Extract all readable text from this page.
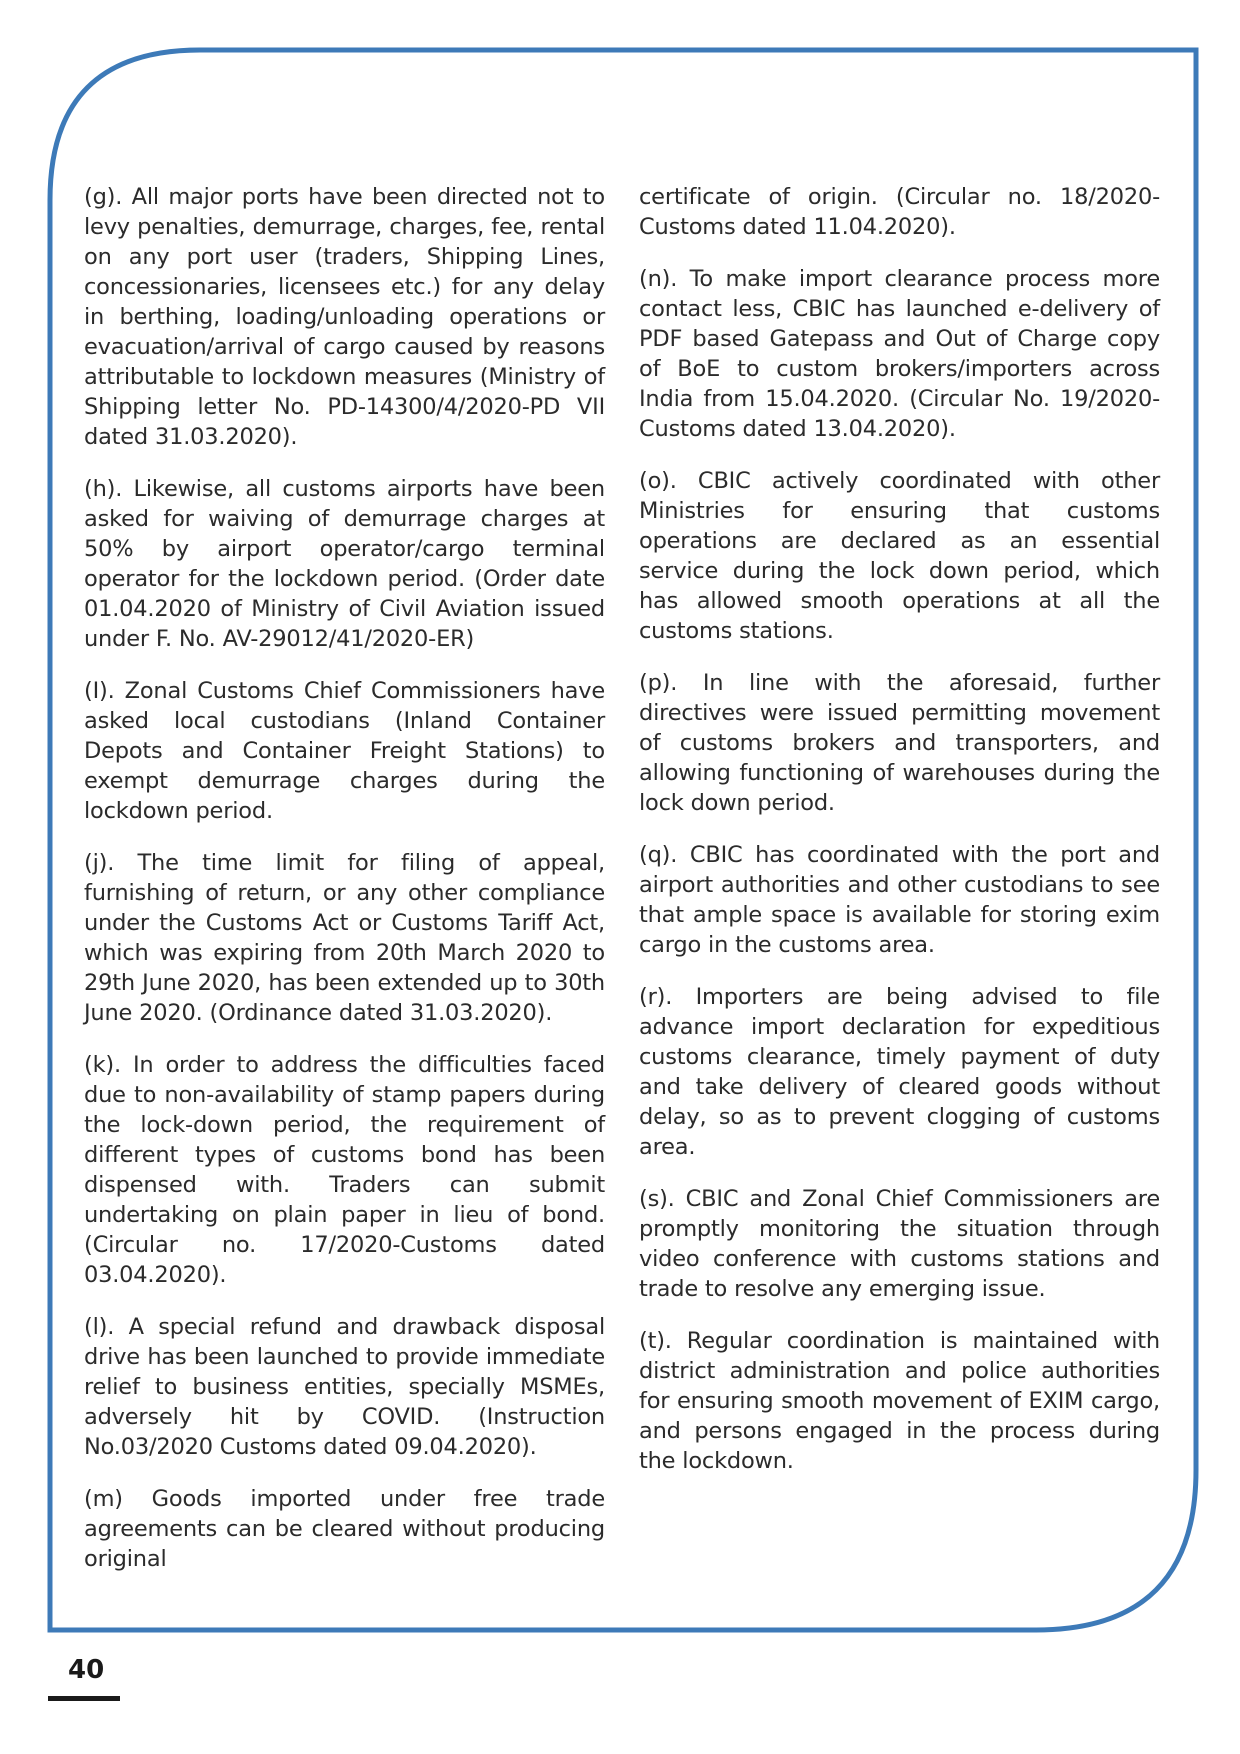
(g). All major ports have been directed not to levy penalties, demurrage, charges, fee, rental on any port user (traders, Shipping Lines, concessionaries, licensees etc.) for any delay in berthing, loading/unloading operations or evacuation/arrival of cargo caused by reasons attributable to lockdown measures (Ministry of Shipping letter No. PD-14300/4/2020-PD VII dated 31.03.2020).

(h). Likewise, all customs airports have been asked for waiving of demurrage charges at 50% by airport operator/cargo terminal operator for the lockdown period. (Order date 01.04.2020 of Ministry of Civil Aviation issued under F. No. AV-29012/41/2020-ER)

(I). Zonal Customs Chief Commissioners have asked local custodians (Inland Container Depots and Container Freight Stations) to exempt demurrage charges during the lockdown period.

(j). The time limit for filing of appeal, furnishing of return, or any other compliance under the Customs Act or Customs Tariff Act, which was expiring from 20th March 2020 to 29th June 2020, has been extended up to 30th June 2020. (Ordinance dated 31.03.2020).

(k). In order to address the difficulties faced due to non-availability of stamp papers during the lock-down period, the requirement of different types of customs bond has been dispensed with. Traders can submit undertaking on plain paper in lieu of bond. (Circular no. 17/2020-Customs dated 03.04.2020).

(l). A special refund and drawback disposal drive has been launched to provide immediate relief to business entities, specially MSMEs, adversely hit by COVID. (Instruction No.03/2020 Customs dated 09.04.2020).

(m) Goods imported under free trade agreements can be cleared without producing original

certificate of origin. (Circular no. 18/2020-Customs dated 11.04.2020).

(n). To make import clearance process more contact less, CBIC has launched e-delivery of PDF based Gatepass and Out of Charge copy of BoE to custom brokers/importers across India from 15.04.2020. (Circular No. 19/2020-Customs dated 13.04.2020).

(o). CBIC actively coordinated with other Ministries for ensuring that customs operations are declared as an essential service during the lock down period, which has allowed smooth operations at all the customs stations.

(p). In line with the aforesaid, further directives were issued permitting movement of customs brokers and transporters, and allowing functioning of warehouses during the lock down period.

(q). CBIC has coordinated with the port and airport authorities and other custodians to see that ample space is available for storing exim cargo in the customs area.

(r). Importers are being advised to file advance import declaration for expeditious customs clearance, timely payment of duty and take delivery of cleared goods without delay, so as to prevent clogging of customs area.

(s). CBIC and Zonal Chief Commissioners are promptly monitoring the situation through video conference with customs stations and trade to resolve any emerging issue.

(t). Regular coordination is maintained with district administration and police authorities for ensuring smooth movement of EXIM cargo, and persons engaged in the process during the lockdown.

40
